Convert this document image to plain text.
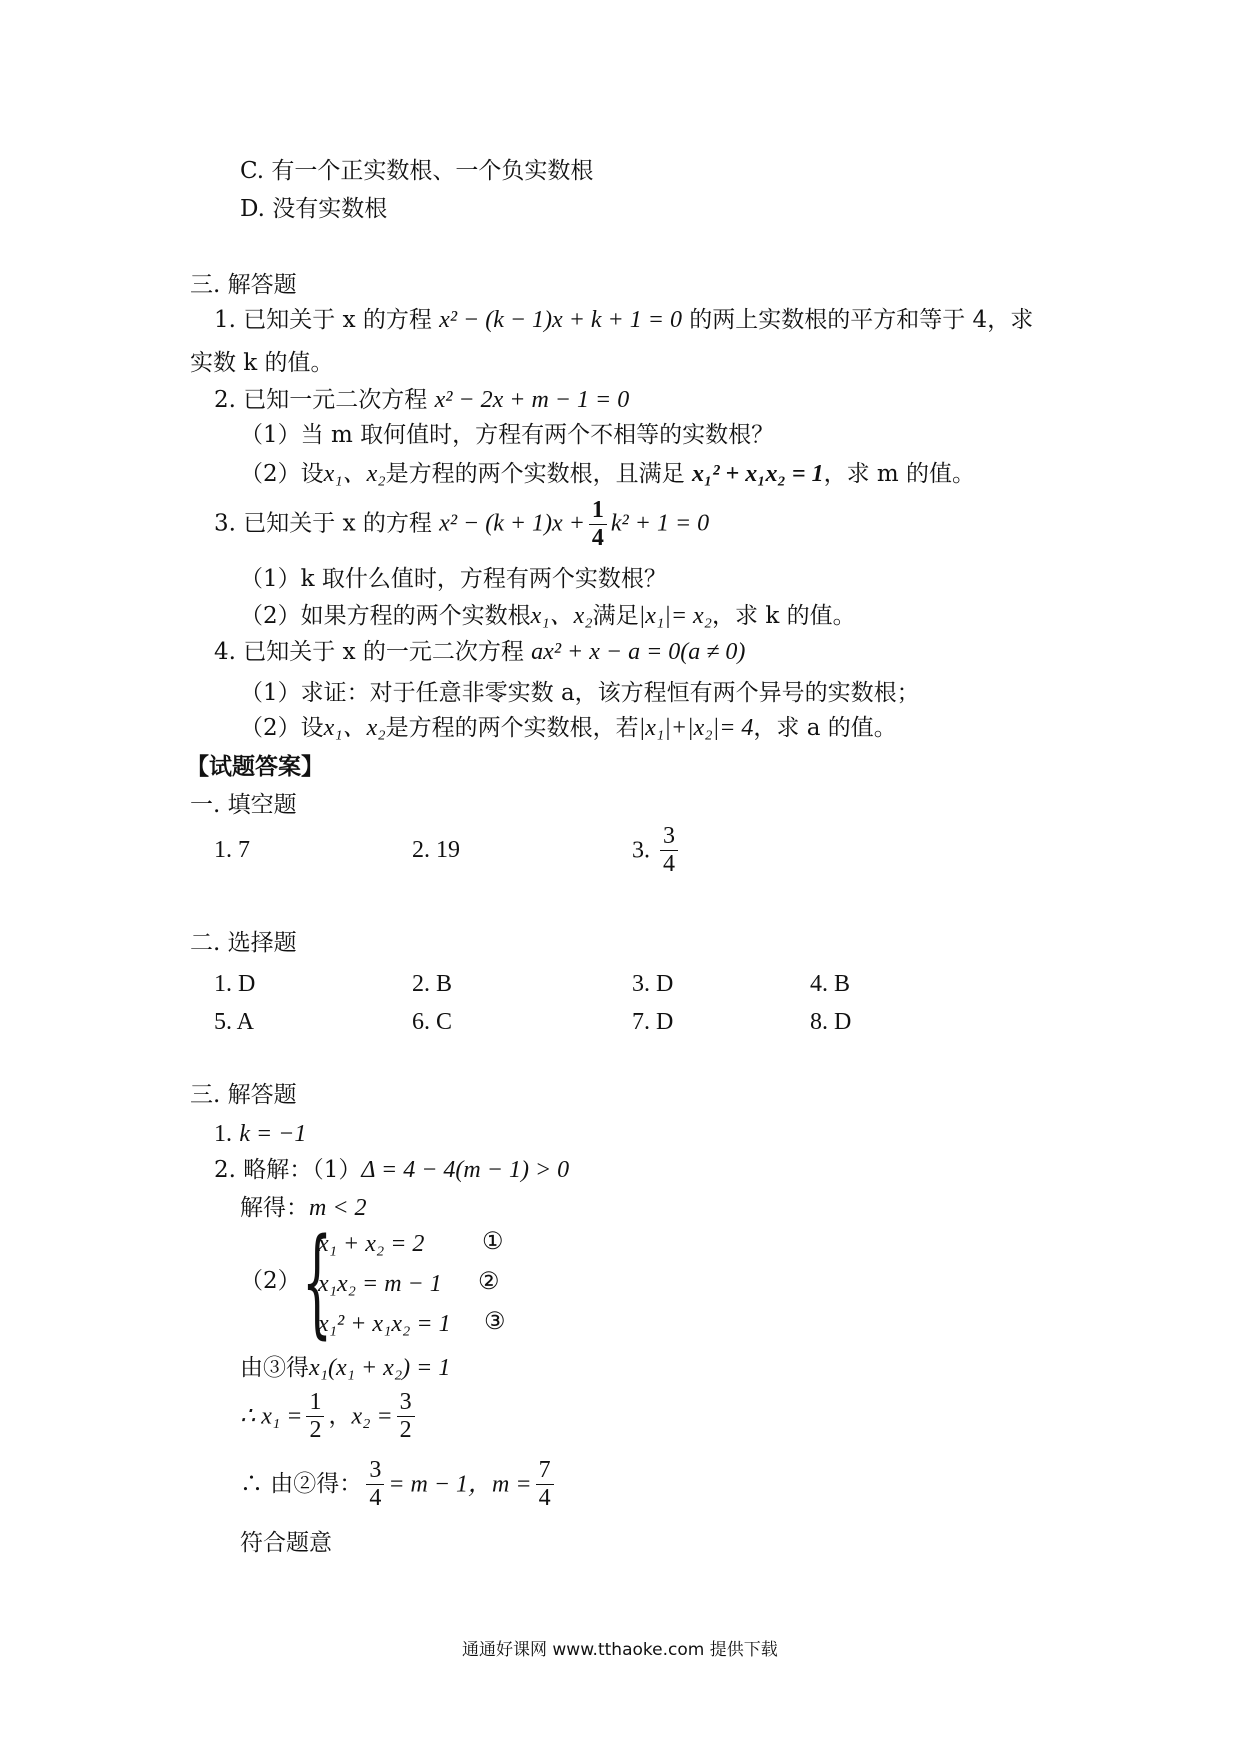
C. 有一个正实数根、一个负实数根
D. 没有实数根
三. 解答题
1. 已知关于 x 的方程 x² − (k − 1)x + k + 1 = 0 的两上实数根的平方和等于 4，求
实数 k 的值。
2. 已知一元二次方程 x² − 2x + m − 1 = 0
（1）当 m 取何值时，方程有两个不相等的实数根？
（2）设x₁、x₂是方程的两个实数根，且满足 x₁² + x₁x₂ = 1，求 m 的值。
3. 已知关于 x 的方程 $x^2 - (k + 1)x + \frac{1}{4} k^2 + 1 = 0$
（1）k 取什么值时，方程有两个实数根？
（2）如果方程的两个实数根x₁、x₂满足|x₁|= x₂，求 k 的值。
4. 已知关于 x 的一元二次方程 ax² + x − a = 0(a ≠ 0)
（1）求证：对于任意非零实数 a，该方程恒有两个异号的实数根；
（2）设x₁、x₂是方程的两个实数根，若|x₁|+|x₂|= 4，求 a 的值。
【试题答案】
一. 填空题
1. 7	2. 19	3. $\frac{3}{4}$
二. 选择题
1. D	2. B	3. D	4. B
5. A	6. C	7. D	8. D
三. 解答题
1. k = −1
2. 略解：（1）Δ = 4 − 4(m − 1) > 0
解得：m < 2
（2） {
x₁ + x₂ = 2 ①
x₁x₂ = m − 1 ②
x₁² + x₁x₂ = 1 ③
由③得x₁(x₁ + x₂) = 1
∴ $x_1 = \frac{1}{2}$ ，$x_2 = \frac{3}{2}$
∴ 由②得： $\frac{3}{4} = m - 1$，$m = \frac{7}{4}$
符合题意
通通好课网 www.tthaoke.com 提供下载
